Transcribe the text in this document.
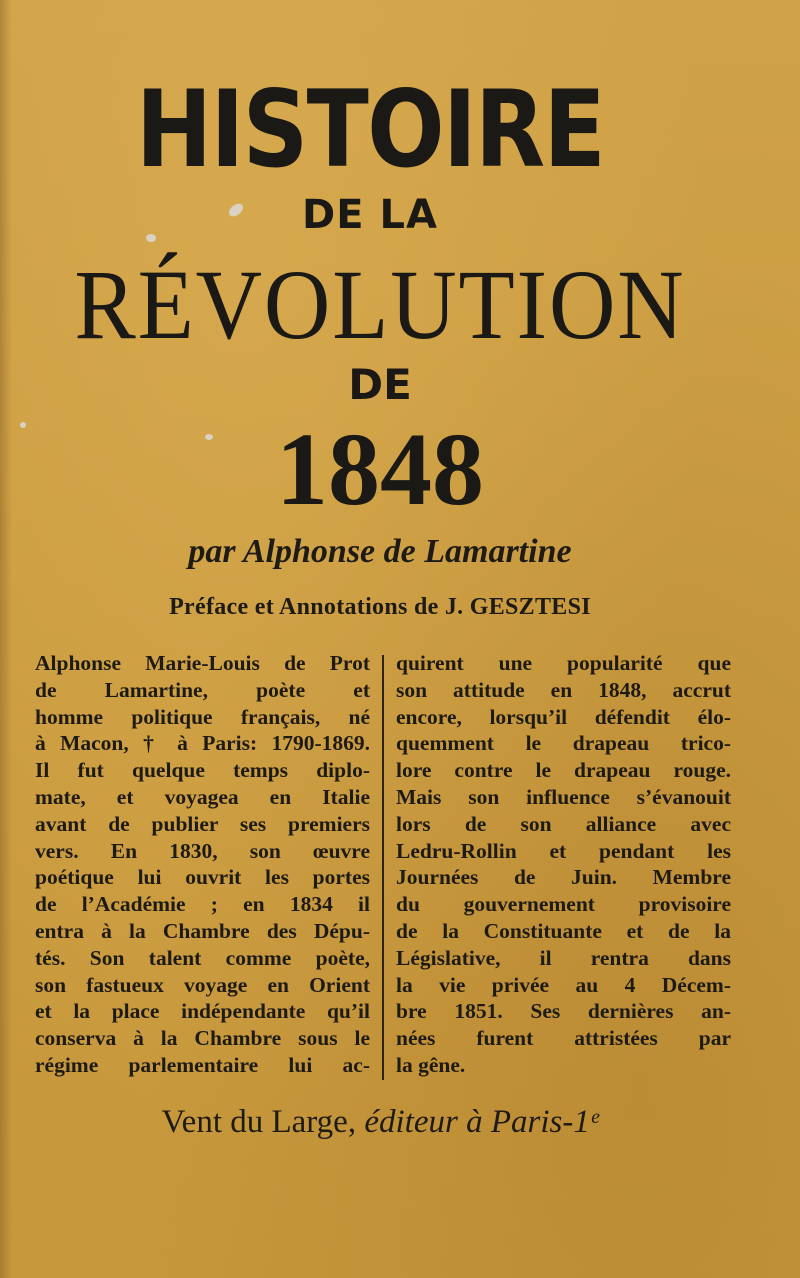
HISTOIRE
DE LA
RÉVOLUTION
DE
1848
par Alphonse de Lamartine
Préface et Annotations de J. GESZTESI
Alphonse Marie-Louis de Prot
de Lamartine, poète et
homme politique français, né
à Macon, † à Paris: 1790-1869.
Il fut quelque temps diplo-
mate, et voyagea en Italie
avant de publier ses premiers
vers. En 1830, son œuvre
poétique lui ouvrit les portes
de l’Académie ; en 1834 il
entra à la Chambre des Dépu-
tés. Son talent comme poète,
son fastueux voyage en Orient
et la place indépendante qu’il
conserva à la Chambre sous le
régime parlementaire lui ac-
quirent une popularité que
son attitude en 1848, accrut
encore, lorsqu’il défendit élo-
quemment le drapeau trico-
lore contre le drapeau rouge.
Mais son influence s’évanouit
lors de son alliance avec
Ledru-Rollin et pendant les
Journées de Juin. Membre
du gouvernement provisoire
de la Constituante et de la
Législative, il rentra dans
la vie privée au 4 Décem-
bre 1851. Ses dernières an-
nées furent attristées par
la gêne.
Vent du Large, éditeur à Paris-1ᵉ
